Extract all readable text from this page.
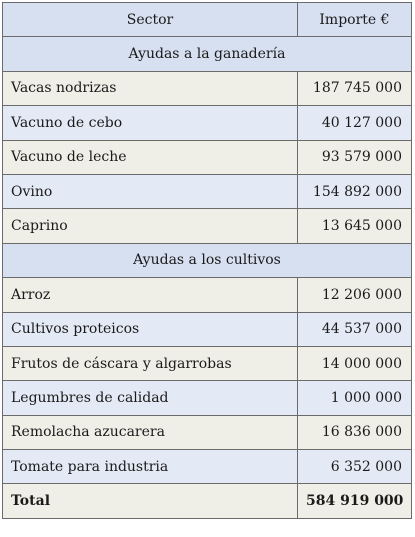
Sector	Importe €
Ayudas a la ganadería	
Vacas nodrizas	187 745 000
Vacuno de cebo	40 127 000
Vacuno de leche	93 579 000
Ovino	154 892 000
Caprino	13 645 000
Ayudas a los cultivos	
Arroz	12 206 000
Cultivos proteicos	44 537 000
Frutos de cáscara y algarrobas	14 000 000
Legumbres de calidad	1 000 000
Remolacha azucarera	16 836 000
Tomate para industria	6 352 000
Total	584 919 000
